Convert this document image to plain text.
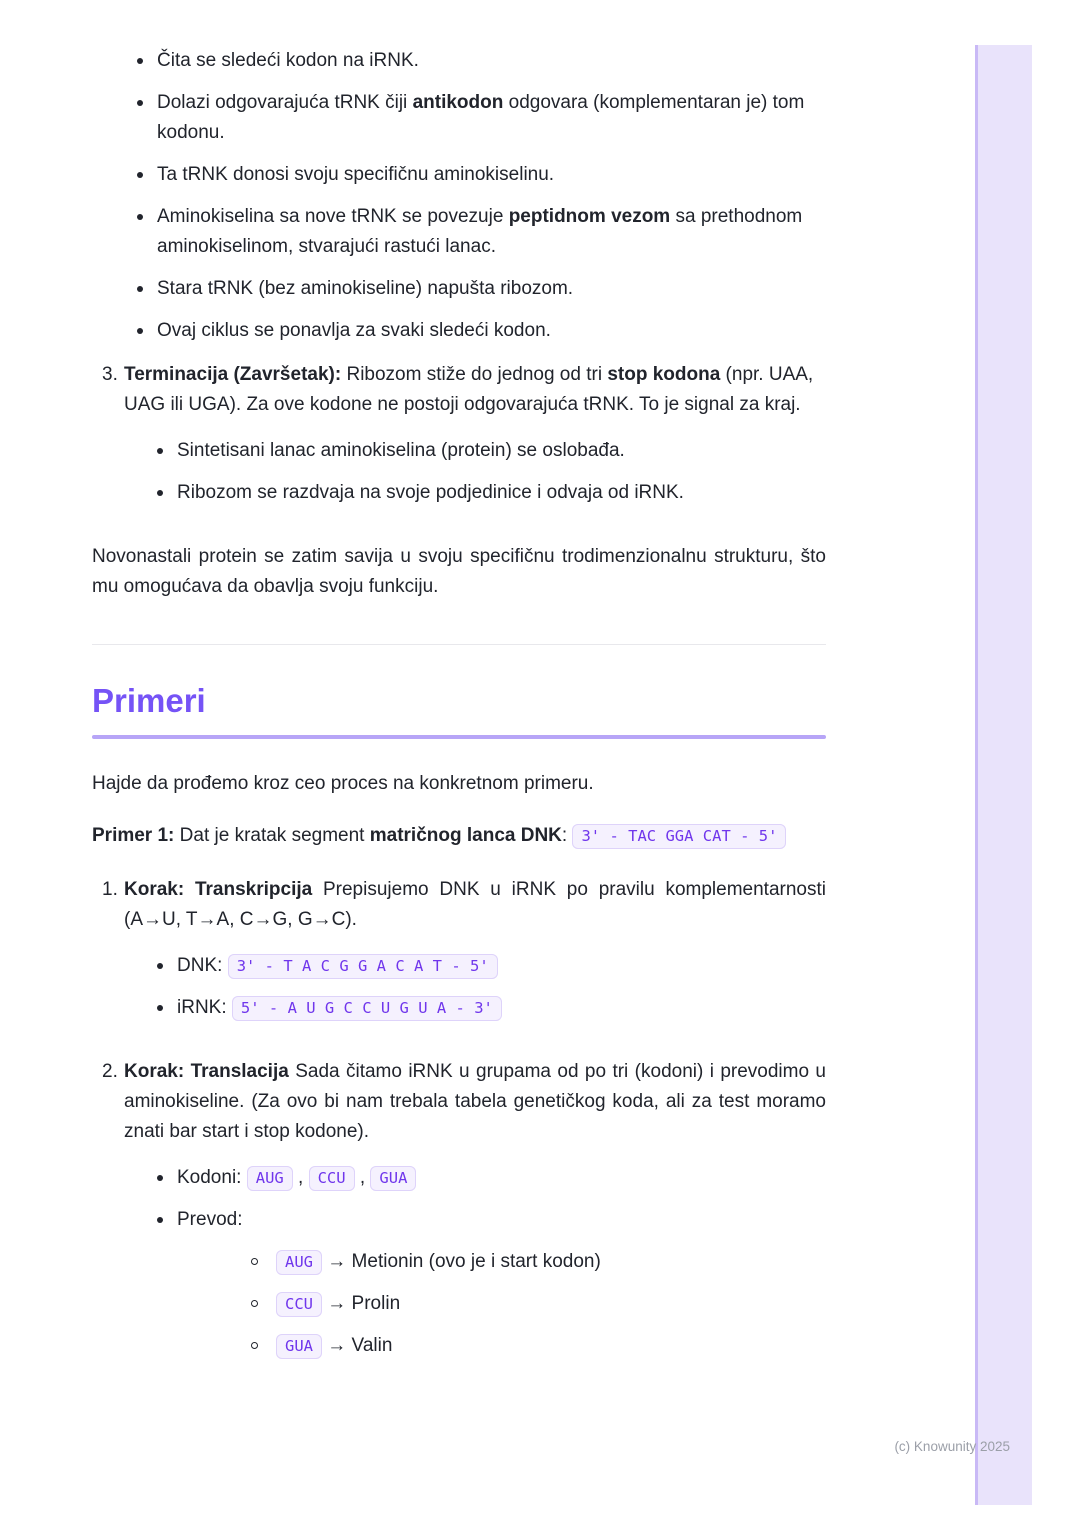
Čita se sledeći kodon na iRNK.
Dolazi odgovarajuća tRNK čiji antikodon odgovara (komplementaran je) tom kodonu.
Ta tRNK donosi svoju specifičnu aminokiselinu.
Aminokiselina sa nove tRNK se povezuje peptidnom vezom sa prethodnom aminokiselinom, stvarajući rastući lanac.
Stara tRNK (bez aminokiseline) napušta ribozom.
Ovaj ciklus se ponavlja za svaki sledeći kodon.
3. Terminacija (Završetak): Ribozom stiže do jednog od tri stop kodona (npr. UAA, UAG ili UGA). Za ove kodone ne postoji odgovarajuća tRNK. To je signal za kraj.
Sintetisani lanac aminokiselina (protein) se oslobađa.
Ribozom se razdvaja na svoje podjedinice i odvaja od iRNK.

Novonastali protein se zatim savija u svoju specifičnu trodimenzionalnu strukturu, što mu omogućava da obavlja svoju funkciju.

Primeri

Hajde da prođemo kroz ceo proces na konkretnom primeru.

Primer 1: Dat je kratak segment matričnog lanca DNK: 3' - TAC GGA CAT - 5'

1. Korak: Transkripcija Prepisujemo DNK u iRNK po pravilu komplementarnosti (A→U, T→A, C→G, G→C).
DNK: 3' - T A C G G A C A T - 5'
iRNK: 5' - A U G C C U G U A - 3'
2. Korak: Translacija Sada čitamo iRNK u grupama od po tri (kodoni) i prevodimo u aminokiseline. (Za ovo bi nam trebala tabela genetičkog koda, ali za test moramo znati bar start i stop kodone).
Kodoni: AUG , CCU , GUA
Prevod:
AUG → Metionin (ovo je i start kodon)
CCU → Prolin
GUA → Valin
(c) Knowunity 2025
